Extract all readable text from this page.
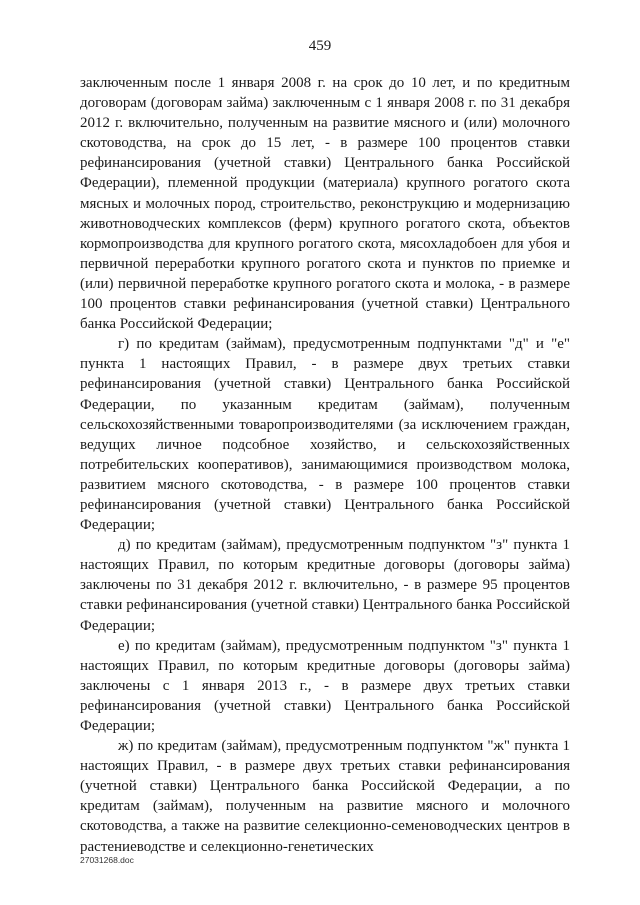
459

заключенным после 1 января 2008 г. на срок до 10 лет, и по кредитным договорам (договорам займа) заключенным с 1 января 2008 г. по 31 декабря 2012 г. включительно, полученным на развитие мясного и (или) молочного скотоводства, на срок до 15 лет, - в размере 100 процентов ставки рефинансирования (учетной ставки) Центрального банка Российской Федерации), племенной продукции (материала) крупного рогатого скота мясных и молочных пород, строительство, реконструкцию и модернизацию животноводческих комплексов (ферм) крупного рогатого скота, объектов кормопроизводства для крупного рогатого скота, мясохладобоен для убоя и первичной переработки крупного рогатого скота и пунктов по приемке и (или) первичной переработке крупного рогатого скота и молока, - в размере 100 процентов ставки рефинансирования (учетной ставки) Центрального банка Российской Федерации;

г) по кредитам (займам), предусмотренным подпунктами "д" и "е" пункта 1 настоящих Правил, - в размере двух третьих ставки рефинансирования (учетной ставки) Центрального банка Российской Федерации, по указанным кредитам (займам), полученным сельскохозяйственными товаропроизводителями (за исключением граждан, ведущих личное подсобное хозяйство, и сельскохозяйственных потребительских кооперативов), занимающимися производством молока, развитием мясного скотоводства, - в размере 100 процентов ставки рефинансирования (учетной ставки) Центрального банка Российской Федерации;

д) по кредитам (займам), предусмотренным подпунктом "з" пункта 1 настоящих Правил, по которым кредитные договоры (договоры займа) заключены по 31 декабря 2012 г. включительно, - в размере 95 процентов ставки рефинансирования (учетной ставки) Центрального банка Российской Федерации;

е) по кредитам (займам), предусмотренным подпунктом "з" пункта 1 настоящих Правил, по которым кредитные договоры (договоры займа) заключены с 1 января 2013 г., - в размере двух третьих ставки рефинансирования (учетной ставки) Центрального банка Российской Федерации;

ж) по кредитам (займам), предусмотренным подпунктом "ж" пункта 1 настоящих Правил, - в размере двух третьих ставки рефинансирования (учетной ставки) Центрального банка Российской Федерации, а по кредитам (займам), полученным на развитие мясного и молочного скотоводства, а также на развитие селекционно-семеноводческих центров в растениеводстве и селекционно-генетических

27031268.doc
